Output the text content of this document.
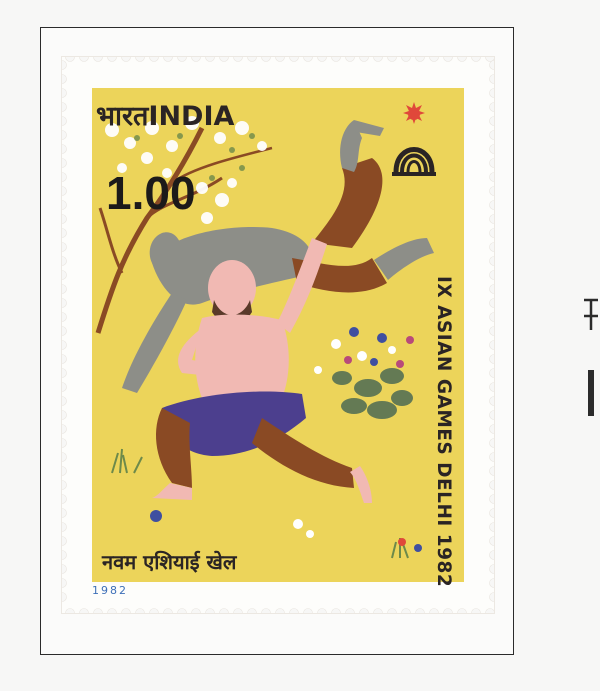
भारतINDIA
1.00
IX ASIAN GAMES DELHI 1982
नवम एशियाई खेल
1982
